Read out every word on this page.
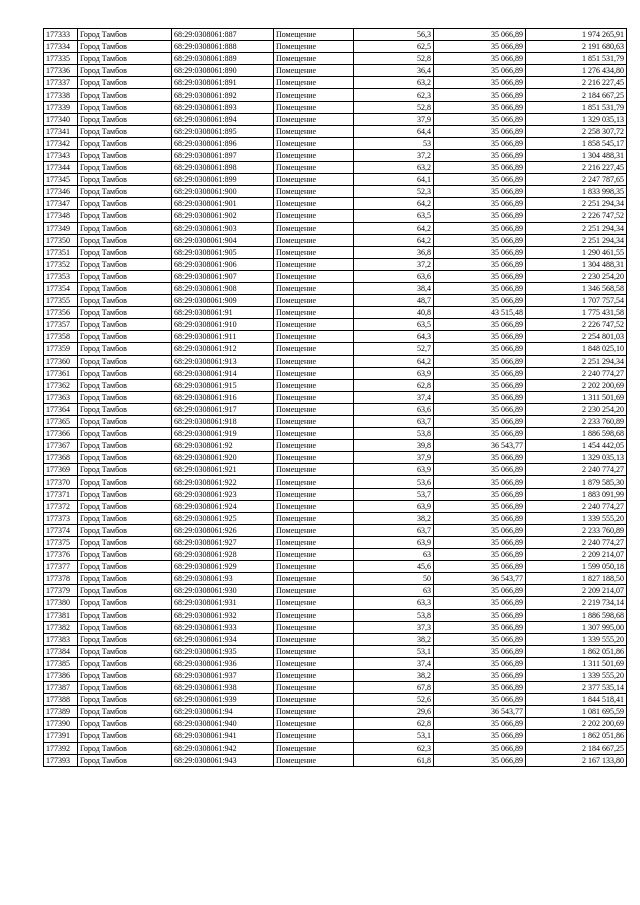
177333	Город Тамбов	68:29:0308061:887	Помещение	56,3	35 066,89	1 974 265,91
177334	Город Тамбов	68:29:0308061:888	Помещение	62,5	35 066,89	2 191 680,63
177335	Город Тамбов	68:29:0308061:889	Помещение	52,8	35 066,89	1 851 531,79
177336	Город Тамбов	68:29:0308061:890	Помещение	36,4	35 066,89	1 276 434,80
177337	Город Тамбов	68:29:0308061:891	Помещение	63,2	35 066,89	2 216 227,45
177338	Город Тамбов	68:29:0308061:892	Помещение	62,3	35 066,89	2 184 667,25
177339	Город Тамбов	68:29:0308061:893	Помещение	52,8	35 066,89	1 851 531,79
177340	Город Тамбов	68:29:0308061:894	Помещение	37,9	35 066,89	1 329 035,13
177341	Город Тамбов	68:29:0308061:895	Помещение	64,4	35 066,89	2 258 307,72
177342	Город Тамбов	68:29:0308061:896	Помещение	53	35 066,89	1 858 545,17
177343	Город Тамбов	68:29:0308061:897	Помещение	37,2	35 066,89	1 304 488,31
177344	Город Тамбов	68:29:0308061:898	Помещение	63,2	35 066,89	2 216 227,45
177345	Город Тамбов	68:29:0308061:899	Помещение	64,1	35 066,89	2 247 787,65
177346	Город Тамбов	68:29:0308061:900	Помещение	52,3	35 066,89	1 833 998,35
177347	Город Тамбов	68:29:0308061:901	Помещение	64,2	35 066,89	2 251 294,34
177348	Город Тамбов	68:29:0308061:902	Помещение	63,5	35 066,89	2 226 747,52
177349	Город Тамбов	68:29:0308061:903	Помещение	64,2	35 066,89	2 251 294,34
177350	Город Тамбов	68:29:0308061:904	Помещение	64,2	35 066,89	2 251 294,34
177351	Город Тамбов	68:29:0308061:905	Помещение	36,8	35 066,89	1 290 461,55
177352	Город Тамбов	68:29:0308061:906	Помещение	37,2	35 066,89	1 304 488,31
177353	Город Тамбов	68:29:0308061:907	Помещение	63,6	35 066,89	2 230 254,20
177354	Город Тамбов	68:29:0308061:908	Помещение	38,4	35 066,89	1 346 568,58
177355	Город Тамбов	68:29:0308061:909	Помещение	48,7	35 066,89	1 707 757,54
177356	Город Тамбов	68:29:0308061:91	Помещение	40,8	43 515,48	1 775 431,58
177357	Город Тамбов	68:29:0308061:910	Помещение	63,5	35 066,89	2 226 747,52
177358	Город Тамбов	68:29:0308061:911	Помещение	64,3	35 066,89	2 254 801,03
177359	Город Тамбов	68:29:0308061:912	Помещение	52,7	35 066,89	1 848 025,10
177360	Город Тамбов	68:29:0308061:913	Помещение	64,2	35 066,89	2 251 294,34
177361	Город Тамбов	68:29:0308061:914	Помещение	63,9	35 066,89	2 240 774,27
177362	Город Тамбов	68:29:0308061:915	Помещение	62,8	35 066,89	2 202 200,69
177363	Город Тамбов	68:29:0308061:916	Помещение	37,4	35 066,89	1 311 501,69
177364	Город Тамбов	68:29:0308061:917	Помещение	63,6	35 066,89	2 230 254,20
177365	Город Тамбов	68:29:0308061:918	Помещение	63,7	35 066,89	2 233 760,89
177366	Город Тамбов	68:29:0308061:919	Помещение	53,8	35 066,89	1 886 598,68
177367	Город Тамбов	68:29:0308061:92	Помещение	39,8	36 543,77	1 454 442,05
177368	Город Тамбов	68:29:0308061:920	Помещение	37,9	35 066,89	1 329 035,13
177369	Город Тамбов	68:29:0308061:921	Помещение	63,9	35 066,89	2 240 774,27
177370	Город Тамбов	68:29:0308061:922	Помещение	53,6	35 066,89	1 879 585,30
177371	Город Тамбов	68:29:0308061:923	Помещение	53,7	35 066,89	1 883 091,99
177372	Город Тамбов	68:29:0308061:924	Помещение	63,9	35 066,89	2 240 774,27
177373	Город Тамбов	68:29:0308061:925	Помещение	38,2	35 066,89	1 339 555,20
177374	Город Тамбов	68:29:0308061:926	Помещение	63,7	35 066,89	2 233 760,89
177375	Город Тамбов	68:29:0308061:927	Помещение	63,9	35 066,89	2 240 774,27
177376	Город Тамбов	68:29:0308061:928	Помещение	63	35 066,89	2 209 214,07
177377	Город Тамбов	68:29:0308061:929	Помещение	45,6	35 066,89	1 599 050,18
177378	Город Тамбов	68:29:0308061:93	Помещение	50	36 543,77	1 827 188,50
177379	Город Тамбов	68:29:0308061:930	Помещение	63	35 066,89	2 209 214,07
177380	Город Тамбов	68:29:0308061:931	Помещение	63,3	35 066,89	2 219 734,14
177381	Город Тамбов	68:29:0308061:932	Помещение	53,8	35 066,89	1 886 598,68
177382	Город Тамбов	68:29:0308061:933	Помещение	37,3	35 066,89	1 307 995,00
177383	Город Тамбов	68:29:0308061:934	Помещение	38,2	35 066,89	1 339 555,20
177384	Город Тамбов	68:29:0308061:935	Помещение	53,1	35 066,89	1 862 051,86
177385	Город Тамбов	68:29:0308061:936	Помещение	37,4	35 066,89	1 311 501,69
177386	Город Тамбов	68:29:0308061:937	Помещение	38,2	35 066,89	1 339 555,20
177387	Город Тамбов	68:29:0308061:938	Помещение	67,8	35 066,89	2 377 535,14
177388	Город Тамбов	68:29:0308061:939	Помещение	52,6	35 066,89	1 844 518,41
177389	Город Тамбов	68:29:0308061:94	Помещение	29,6	36 543,77	1 081 695,59
177390	Город Тамбов	68:29:0308061:940	Помещение	62,8	35 066,89	2 202 200,69
177391	Город Тамбов	68:29:0308061:941	Помещение	53,1	35 066,89	1 862 051,86
177392	Город Тамбов	68:29:0308061:942	Помещение	62,3	35 066,89	2 184 667,25
177393	Город Тамбов	68:29:0308061:943	Помещение	61,8	35 066,89	2 167 133,80
